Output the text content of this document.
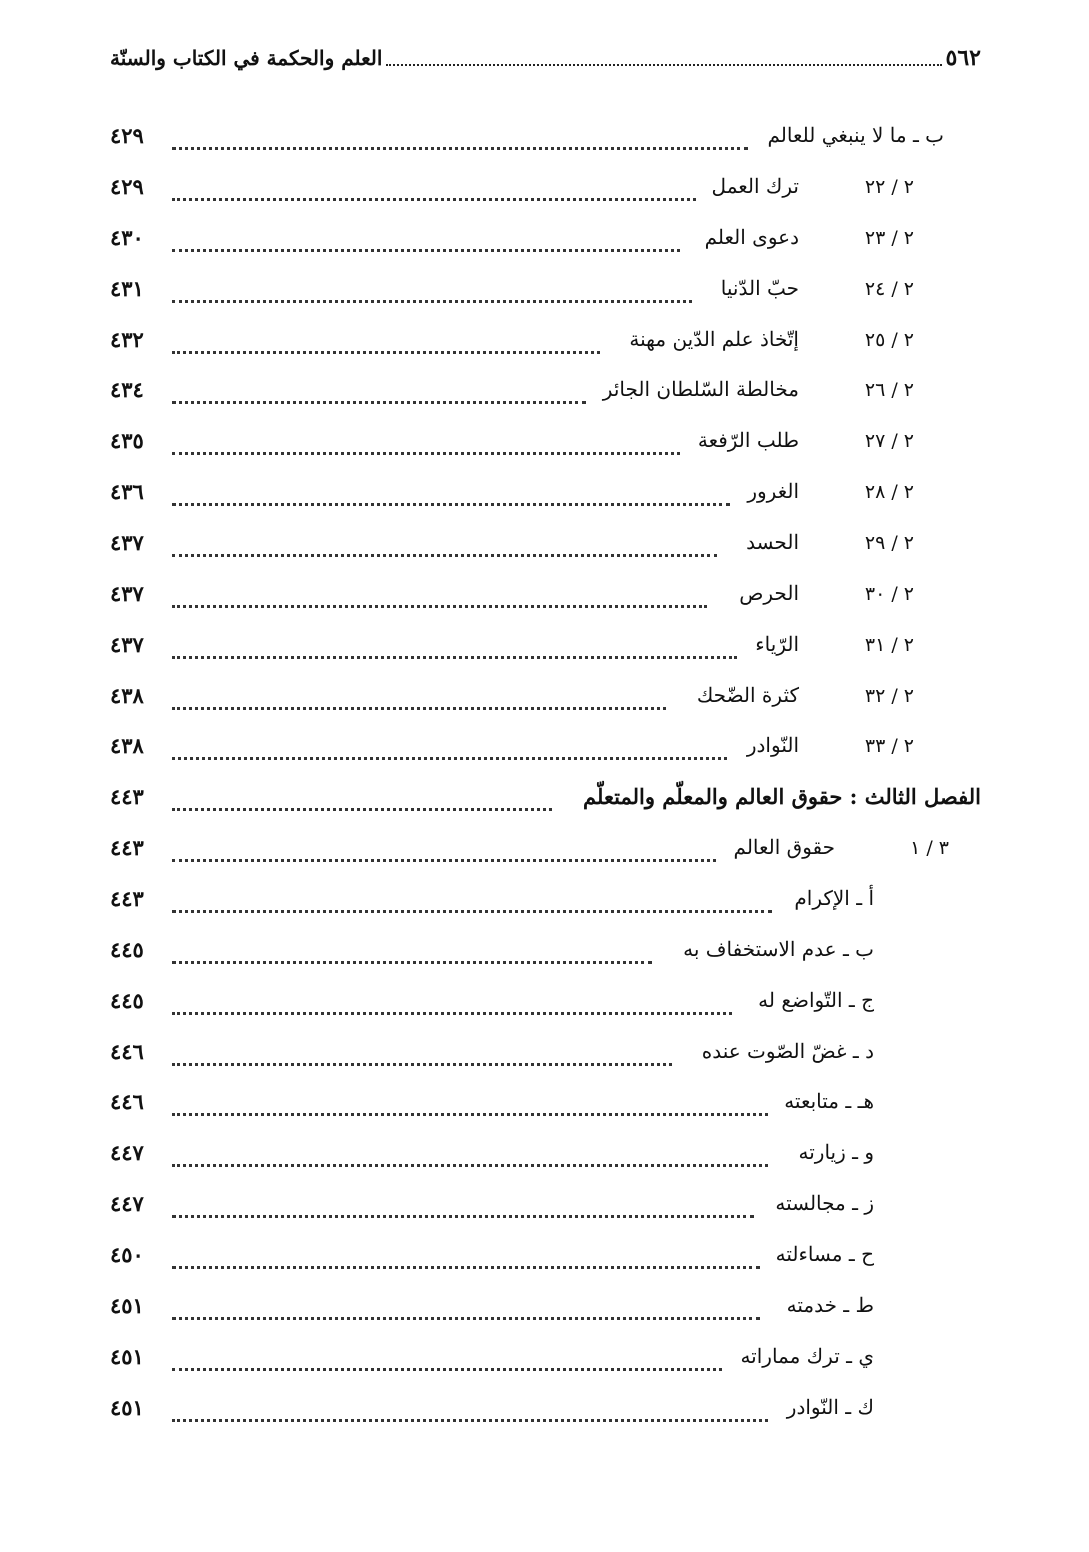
٥٦٢
العلم والحكمة في الكتاب والسنّة
ب ـ ما لا ينبغي للعالم
٤٢٩
٢ / ٢٢
ترك العمل
٤٢٩
٢ / ٢٣
دعوى العلم
٤٣٠
٢ / ٢٤
حبّ الدّنيا
٤٣١
٢ / ٢٥
إتّخاذ علم الدّين مهنة
٤٣٢
٢ / ٢٦
مخالطة السّلطان الجائر
٤٣٤
٢ / ٢٧
طلب الرّفعة
٤٣٥
٢ / ٢٨
الغرور
٤٣٦
٢ / ٢٩
الحسد
٤٣٧
٢ / ٣٠
الحرص
٤٣٧
٢ / ٣١
الرّياء
٤٣٧
٢ / ٣٢
كثرة الضّحك
٤٣٨
٢ / ٣٣
النّوادر
٤٣٨
الفصل الثالث : حقوق العالم والمعلّم والمتعلّم
٤٤٣
٣ / ١
حقوق العالم
٤٤٣
أ ـ الإكرام
٤٤٣
ب ـ عدم الاستخفاف به
٤٤٥
ج ـ التّواضع له
٤٤٥
د ـ غضّ الصّوت عنده
٤٤٦
هـ ـ متابعته
٤٤٦
و ـ زيارته
٤٤٧
ز ـ مجالسته
٤٤٧
ح ـ مساءلته
٤٥٠
ط ـ خدمته
٤٥١
ي ـ ترك مماراته
٤٥١
ك ـ النّوادر
٤٥١
